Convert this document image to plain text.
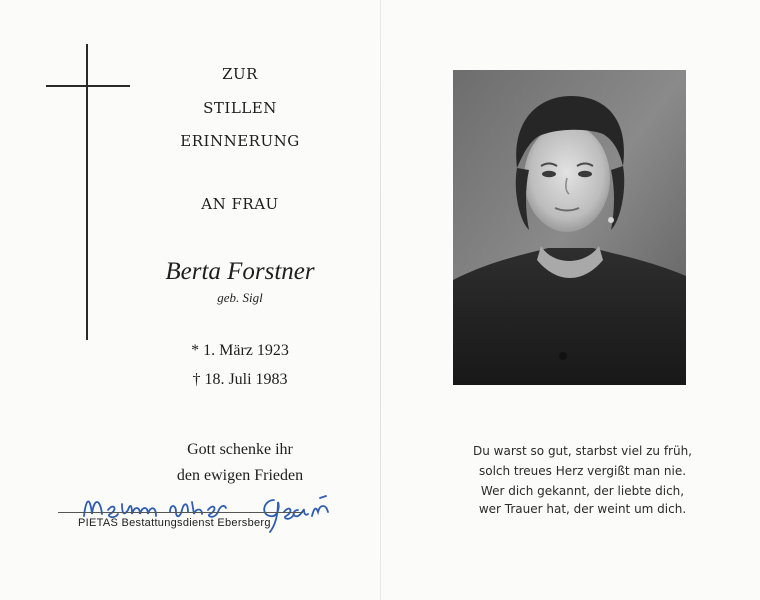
ZUR
STILLEN
ERINNERUNG
AN FRAU
Berta Forstner
geb. Sigl
* 1. März 1923
† 18. Juli 1983
Gott schenke ihr
den ewigen Frieden
PIETAS Bestattungsdienst Ebersberg
Du warst so gut, starbst viel zu früh,
solch treues Herz vergißt man nie.
Wer dich gekannt, der liebte dich,
wer Trauer hat, der weint um dich.
